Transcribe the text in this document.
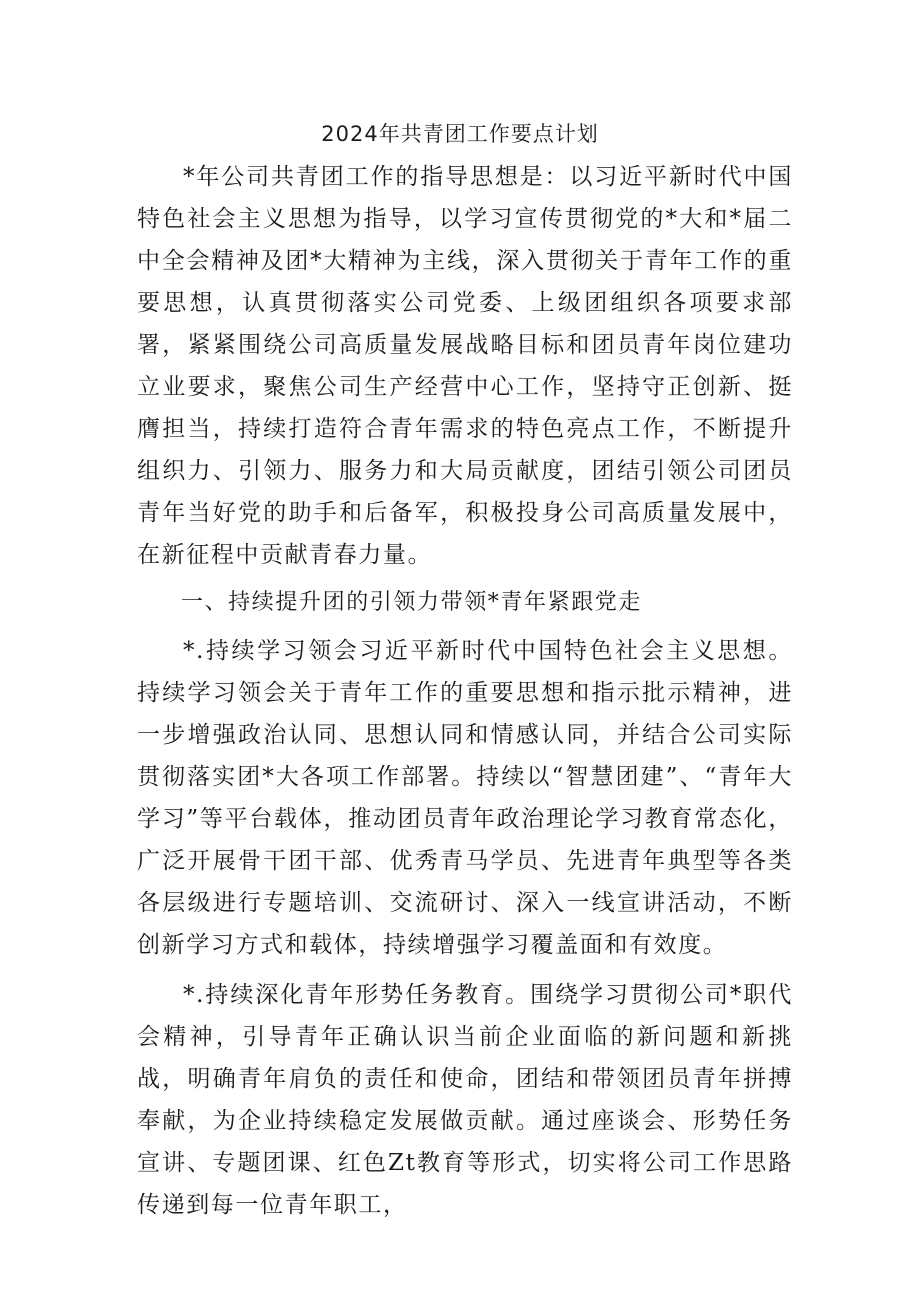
2024年共青团工作要点计划

*年公司共青团工作的指导思想是：以习近平新时代中国特色社会主义思想为指导，以学习宣传贯彻党的*大和*届二中全会精神及团*大精神为主线，深入贯彻关于青年工作的重要思想，认真贯彻落实公司党委、上级团组织各项要求部署，紧紧围绕公司高质量发展战略目标和团员青年岗位建功立业要求，聚焦公司生产经营中心工作，坚持守正创新、挺膺担当，持续打造符合青年需求的特色亮点工作，不断提升组织力、引领力、服务力和大局贡献度，团结引领公司团员青年当好党的助手和后备军，积极投身公司高质量发展中，在新征程中贡献青春力量。

一、持续提升团的引领力带领*青年紧跟党走

*.持续学习领会习近平新时代中国特色社会主义思想。持续学习领会关于青年工作的重要思想和指示批示精神，进一步增强政治认同、思想认同和情感认同，并结合公司实际贯彻落实团*大各项工作部署。持续以“智慧团建”、“青年大学习”等平台载体，推动团员青年政治理论学习教育常态化，广泛开展骨干团干部、优秀青马学员、先进青年典型等各类各层级进行专题培训、交流研讨、深入一线宣讲活动，不断创新学习方式和载体，持续增强学习覆盖面和有效度。

*.持续深化青年形势任务教育。围绕学习贯彻公司*职代会精神，引导青年正确认识当前企业面临的新问题和新挑战，明确青年肩负的责任和使命，团结和带领团员青年拼搏奉献，为企业持续稳定发展做贡献。通过座谈会、形势任务宣讲、专题团课、红色Zt教育等形式，切实将公司工作思路传递到每一位青年职工，
